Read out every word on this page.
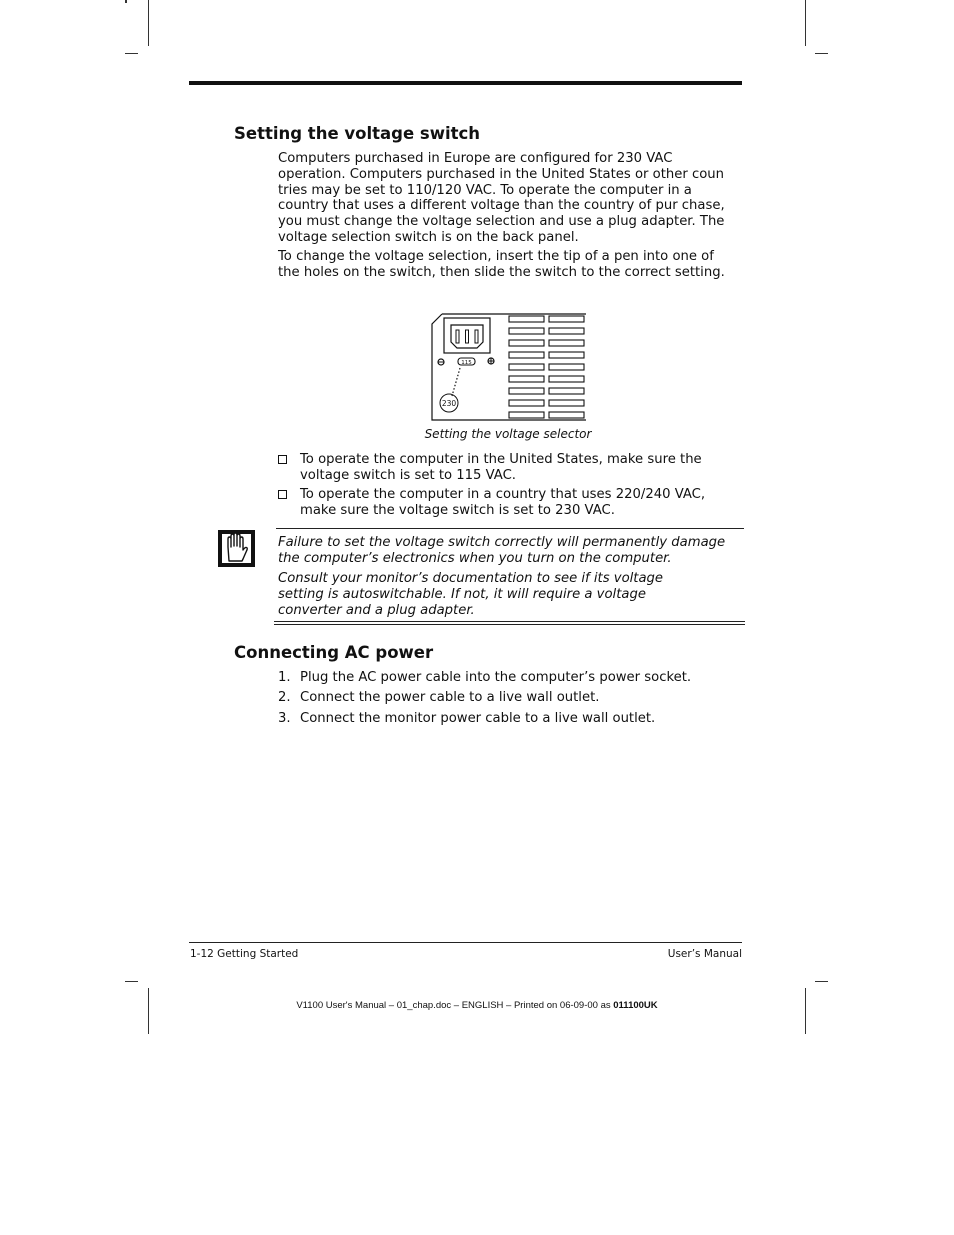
Setting the voltage switch

Computers purchased in Europe are configured for 230 VAC operation. Computers purchased in the United States or other coun tries may be set to 110/120 VAC. To operate the computer in a country that uses a different voltage than the country of pur chase, you must change the voltage selection and use a plug adapter. The voltage selection switch is on the back panel.

To change the voltage selection, insert the tip of a pen into one of the holes on the switch, then slide the switch to the correct setting.

115
230
Setting the voltage selector
To operate the computer in the United States, make sure the voltage switch is set to 115 VAC.
To operate the computer in a country that uses 220/240 VAC, make sure the voltage switch is set to 230 VAC.

Failure to set the voltage switch correctly will permanently damage the computer’s electronics when you turn on the computer.

Consult your monitor’s documentation to see if its voltage setting is autoswitchable. If not, it will require a voltage converter and a plug adapter.

Connecting AC power
1. Plug the AC power cable into the computer’s power socket.
2. Connect the power cable to a live wall outlet.
3. Connect the monitor power cable to a live wall outlet.
1-12 Getting Started	User’s Manual
V1100 User's Manual – 01_chap.doc – ENGLISH – Printed on 06-09-00 as 011100UK
